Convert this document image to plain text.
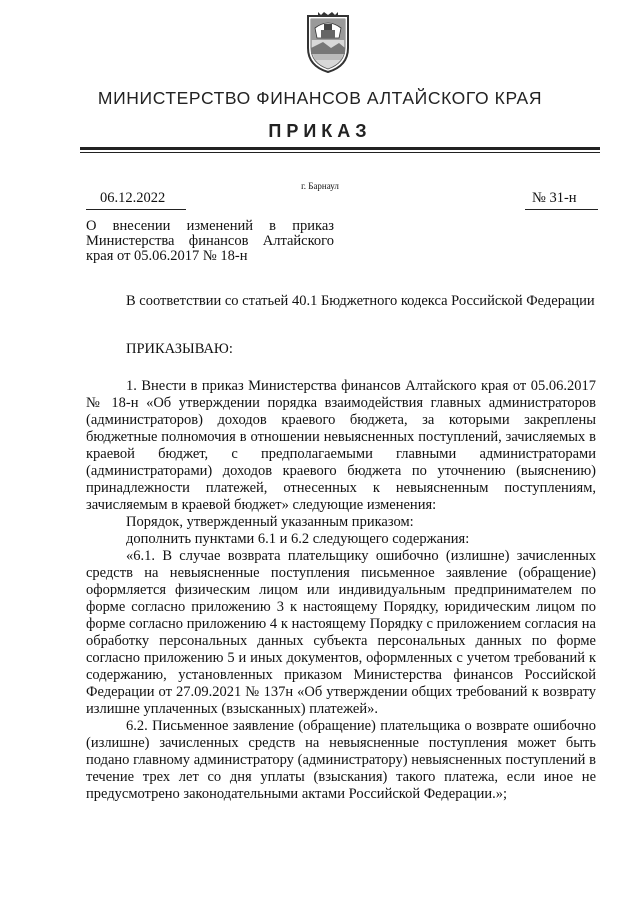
МИНИСТЕРСТВО ФИНАНСОВ АЛТАЙСКОГО КРАЯ
ПРИКАЗ
г. Барнаул
06.12.2022	№ 31-н
О внесении изменений в приказ Министерства финансов Алтайского края от 05.06.2017 № 18-н

В соответствии со статьей 40.1 Бюджетного кодекса Российской Федерации

ПРИКАЗЫВАЮ:

1. Внести в приказ Министерства финансов Алтайского края от 05.06.2017 № 18-н «Об утверждении порядка взаимодействия главных администраторов (администраторов) доходов краевого бюджета, за которыми закреплены бюджетные полномочия в отношении невыясненных поступлений, зачисляемых в краевой бюджет, с предполагаемыми главными администраторами (администраторами) доходов краевого бюджета по уточнению (выяснению) принадлежности платежей, отнесенных к невыясненным поступлениям, зачисляемым в краевой бюджет» следующие изменения:

Порядок, утвержденный указанным приказом:

дополнить пунктами 6.1 и 6.2 следующего содержания:

«6.1. В случае возврата плательщику ошибочно (излишне) зачисленных средств на невыясненные поступления письменное заявление (обращение) оформляется физическим лицом или индивидуальным предпринимателем по форме согласно приложению 3 к настоящему Порядку, юридическим лицом по форме согласно приложению 4 к настоящему Порядку с приложением согласия на обработку персональных данных субъекта персональных данных по форме согласно приложению 5 и иных документов, оформленных с учетом требований к содержанию, установленных приказом Министерства финансов Российской Федерации от 27.09.2021 № 137н «Об утверждении общих требований к возврату излишне уплаченных (взысканных) платежей».

6.2. Письменное заявление (обращение) плательщика о возврате ошибочно (излишне) зачисленных средств на невыясненные поступления может быть подано главному администратору (администратору) невыясненных поступлений в течение трех лет со дня уплаты (взыскания) такого платежа, если иное не предусмотрено законодательными актами Российской Федерации.»;
